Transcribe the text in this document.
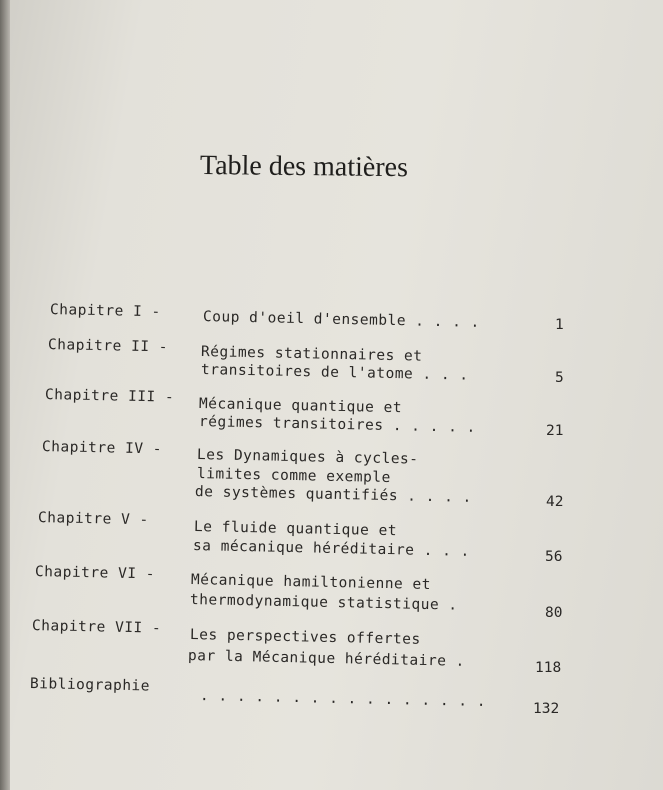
Table des matières
Chapitre I -	Coup d'oeil d'ensemble . . . .	1
Chapitre II - Régimes stationnaires et
transitoires de l'atome . . .	5
Chapitre III - Mécanique quantique et
régimes transitoires . . . . .	21
Chapitre IV - Les Dynamiques à cycles-
limites comme exemple
de systèmes quantifiés . . . .	42
Chapitre V -	Le fluide quantique et
sa mécanique héréditaire . . .	56
Chapitre VI - Mécanique hamiltonienne et
thermodynamique statistique .	80
Chapitre VII - Les perspectives offertes
par la Mécanique héréditaire .	118
Bibliographie
. . . . . . . . . . . . . . . .	132
